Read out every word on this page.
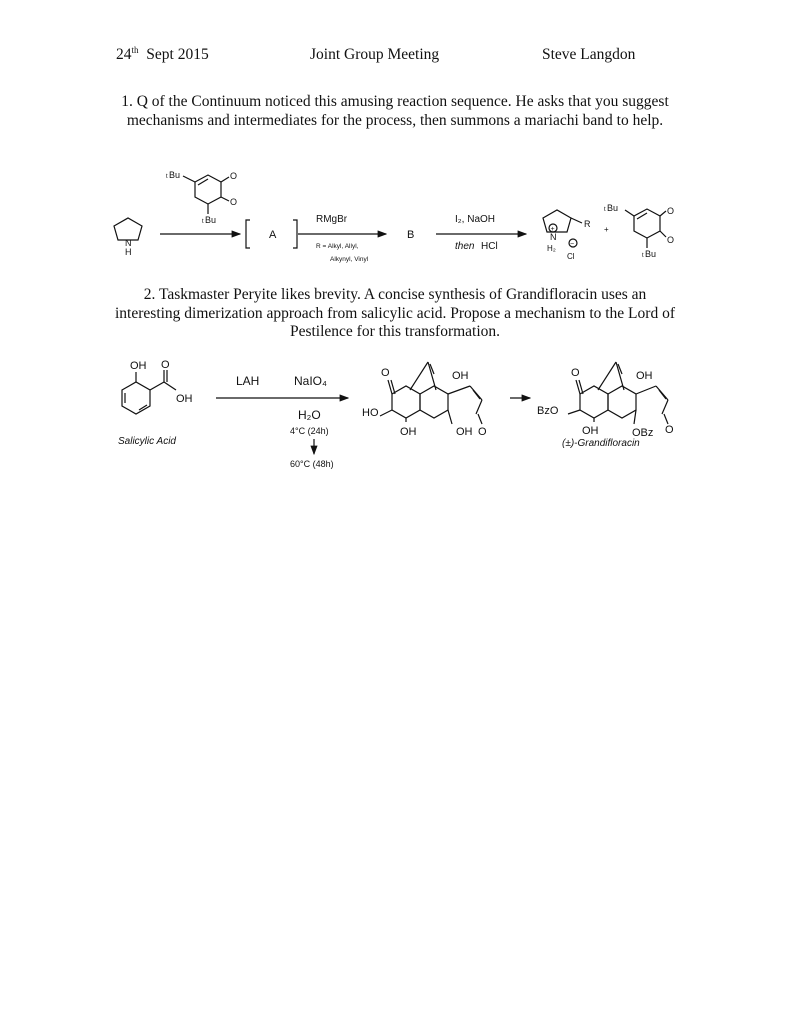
24th Sept 2015	Joint Group Meeting	Steve Langdon

1. Q of the Continuum noticed this amusing reaction sequence. He asks that you suggest mechanisms and intermediates for the process, then summons a mariachi band to help.

N
H
O
O
t Bu
t Bu
A
RMgBr
R = Alkyl, Allyl,
Alkynyl, Vinyl
B
I₂, NaOH
then HCl
R
+
N
H₂
Cl
−
+
O
O
t Bu
t Bu

2. Taskmaster Peryite likes brevity. A concise synthesis of Grandifloracin uses an interesting dimerization approach from salicylic acid. Propose a mechanism to the Lord of Pestilence for this transformation.

OH O
OH
Salicylic Acid
LAH	NaIO₄
H₂O
4°C (24h)
60°C (48h)
O	OH
O
HO
OH	OH
O	OH
O
BzO
OH	OBz
(±)-Grandifloracin
